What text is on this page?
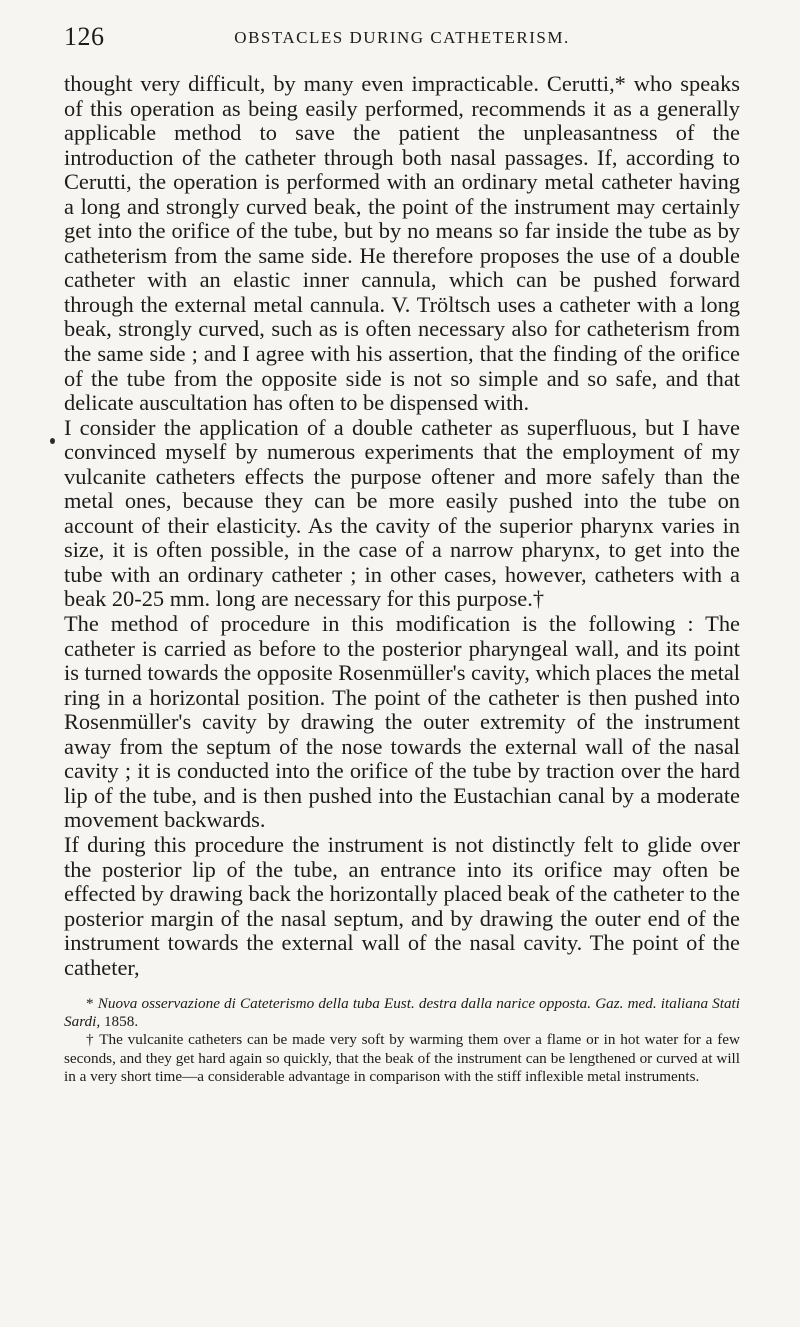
126	OBSTACLES DURING CATHETERISM.

thought very difficult, by many even impracticable. Cerutti,* who speaks of this operation as being easily performed, recommends it as a generally applicable method to save the patient the unpleasantness of the introduction of the catheter through both nasal passages. If, according to Cerutti, the operation is performed with an ordinary metal catheter having a long and strongly curved beak, the point of the instrument may certainly get into the orifice of the tube, but by no means so far inside the tube as by catheterism from the same side. He therefore proposes the use of a double catheter with an elastic inner cannula, which can be pushed forward through the external metal cannula. V. Tröltsch uses a catheter with a long beak, strongly curved, such as is often necessary also for catheterism from the same side ; and I agree with his assertion, that the finding of the orifice of the tube from the opposite side is not so simple and so safe, and that delicate auscultation has often to be dispensed with.

I consider the application of a double catheter as superfluous, but I have convinced myself by numerous experiments that the employment of my vulcanite catheters effects the purpose oftener and more safely than the metal ones, because they can be more easily pushed into the tube on account of their elasticity. As the cavity of the superior pharynx varies in size, it is often possible, in the case of a narrow pharynx, to get into the tube with an ordinary catheter ; in other cases, however, catheters with a beak 20-25 mm. long are necessary for this purpose.†

The method of procedure in this modification is the following : The catheter is carried as before to the posterior pharyngeal wall, and its point is turned towards the opposite Rosenmüller's cavity, which places the metal ring in a horizontal position. The point of the catheter is then pushed into Rosenmüller's cavity by drawing the outer extremity of the instrument away from the septum of the nose towards the external wall of the nasal cavity ; it is conducted into the orifice of the tube by traction over the hard lip of the tube, and is then pushed into the Eustachian canal by a moderate movement backwards.

If during this procedure the instrument is not distinctly felt to glide over the posterior lip of the tube, an entrance into its orifice may often be effected by drawing back the horizontally placed beak of the catheter to the posterior margin of the nasal septum, and by drawing the outer end of the instrument towards the external wall of the nasal cavity. The point of the catheter,

* Nuova osservazione di Cateterismo della tuba Eust. destra dalla narice opposta. Gaz. med. italiana Stati Sardi, 1858.

† The vulcanite catheters can be made very soft by warming them over a flame or in hot water for a few seconds, and they get hard again so quickly, that the beak of the instrument can be lengthened or curved at will in a very short time—a considerable advantage in comparison with the stiff inflexible metal instruments.
